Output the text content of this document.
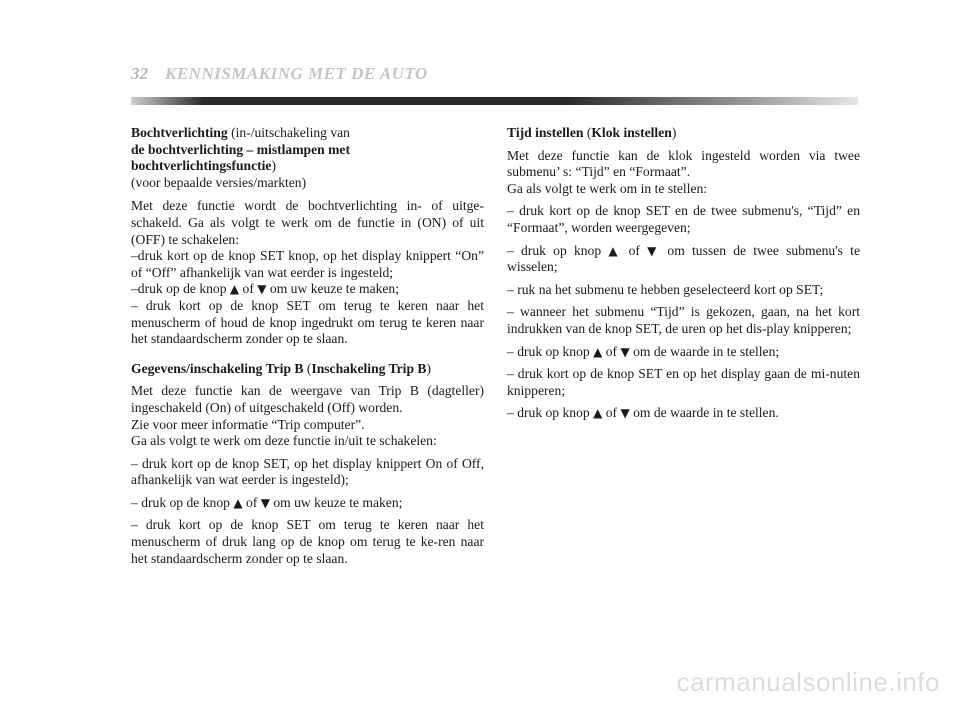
32 KENNISMAKING MET DE AUTO

Bochtverlichting (in-/uitschakeling van
de bochtverlichting – mistlampen met
bochtverlichtingsfunctie)

(voor bepaalde versies/markten)

Met deze functie wordt de bochtverlichting in- of uitge-schakeld. Ga als volgt te werk om de functie in (ON) of uit (OFF) te schakelen:

–druk kort op de knop SET knop, op het display knippert “On” of “Off” afhankelijk van wat eerder is ingesteld;

–druk op de knop ▲ of ▼ om uw keuze te maken;

– druk kort op de knop SET om terug te keren naar het menuscherm of houd de knop ingedrukt om terug te keren naar het standaardscherm zonder op te slaan.

Gegevens/inschakeling Trip B (Inschakeling Trip B)

Met deze functie kan de weergave van Trip B (dagteller) ingeschakeld (On) of uitgeschakeld (Off) worden.
Zie voor meer informatie “Trip computer”.
Ga als volgt te werk om deze functie in/uit te schakelen:

– druk kort op de knop SET, op het display knippert On of Off, afhankelijk van wat eerder is ingesteld);

– druk op de knop ▲ of ▼ om uw keuze te maken;

– druk kort op de knop SET om terug te keren naar het menuscherm of druk lang op de knop om terug te ke-ren naar het standaardscherm zonder op te slaan.

Tijd instellen (Klok instellen)

Met deze functie kan de klok ingesteld worden via twee submenu’ s: “Tijd” en “Formaat”.
Ga als volgt te werk om in te stellen:

– druk kort op de knop SET en de twee submenu's, “Tijd” en “Formaat”, worden weergegeven;

– druk op knop ▲ of ▼ om tussen de twee submenu's te wisselen;

– ruk na het submenu te hebben geselecteerd kort op SET;

– wanneer het submenu “Tijd” is gekozen, gaan, na het kort indrukken van de knop SET, de uren op het dis-play knipperen;

– druk op knop ▲ of ▼ om de waarde in te stellen;

– druk kort op de knop SET en op het display gaan de mi-nuten knipperen;

– druk op knop ▲ of ▼ om de waarde in te stellen.

carmanualsonline.info
